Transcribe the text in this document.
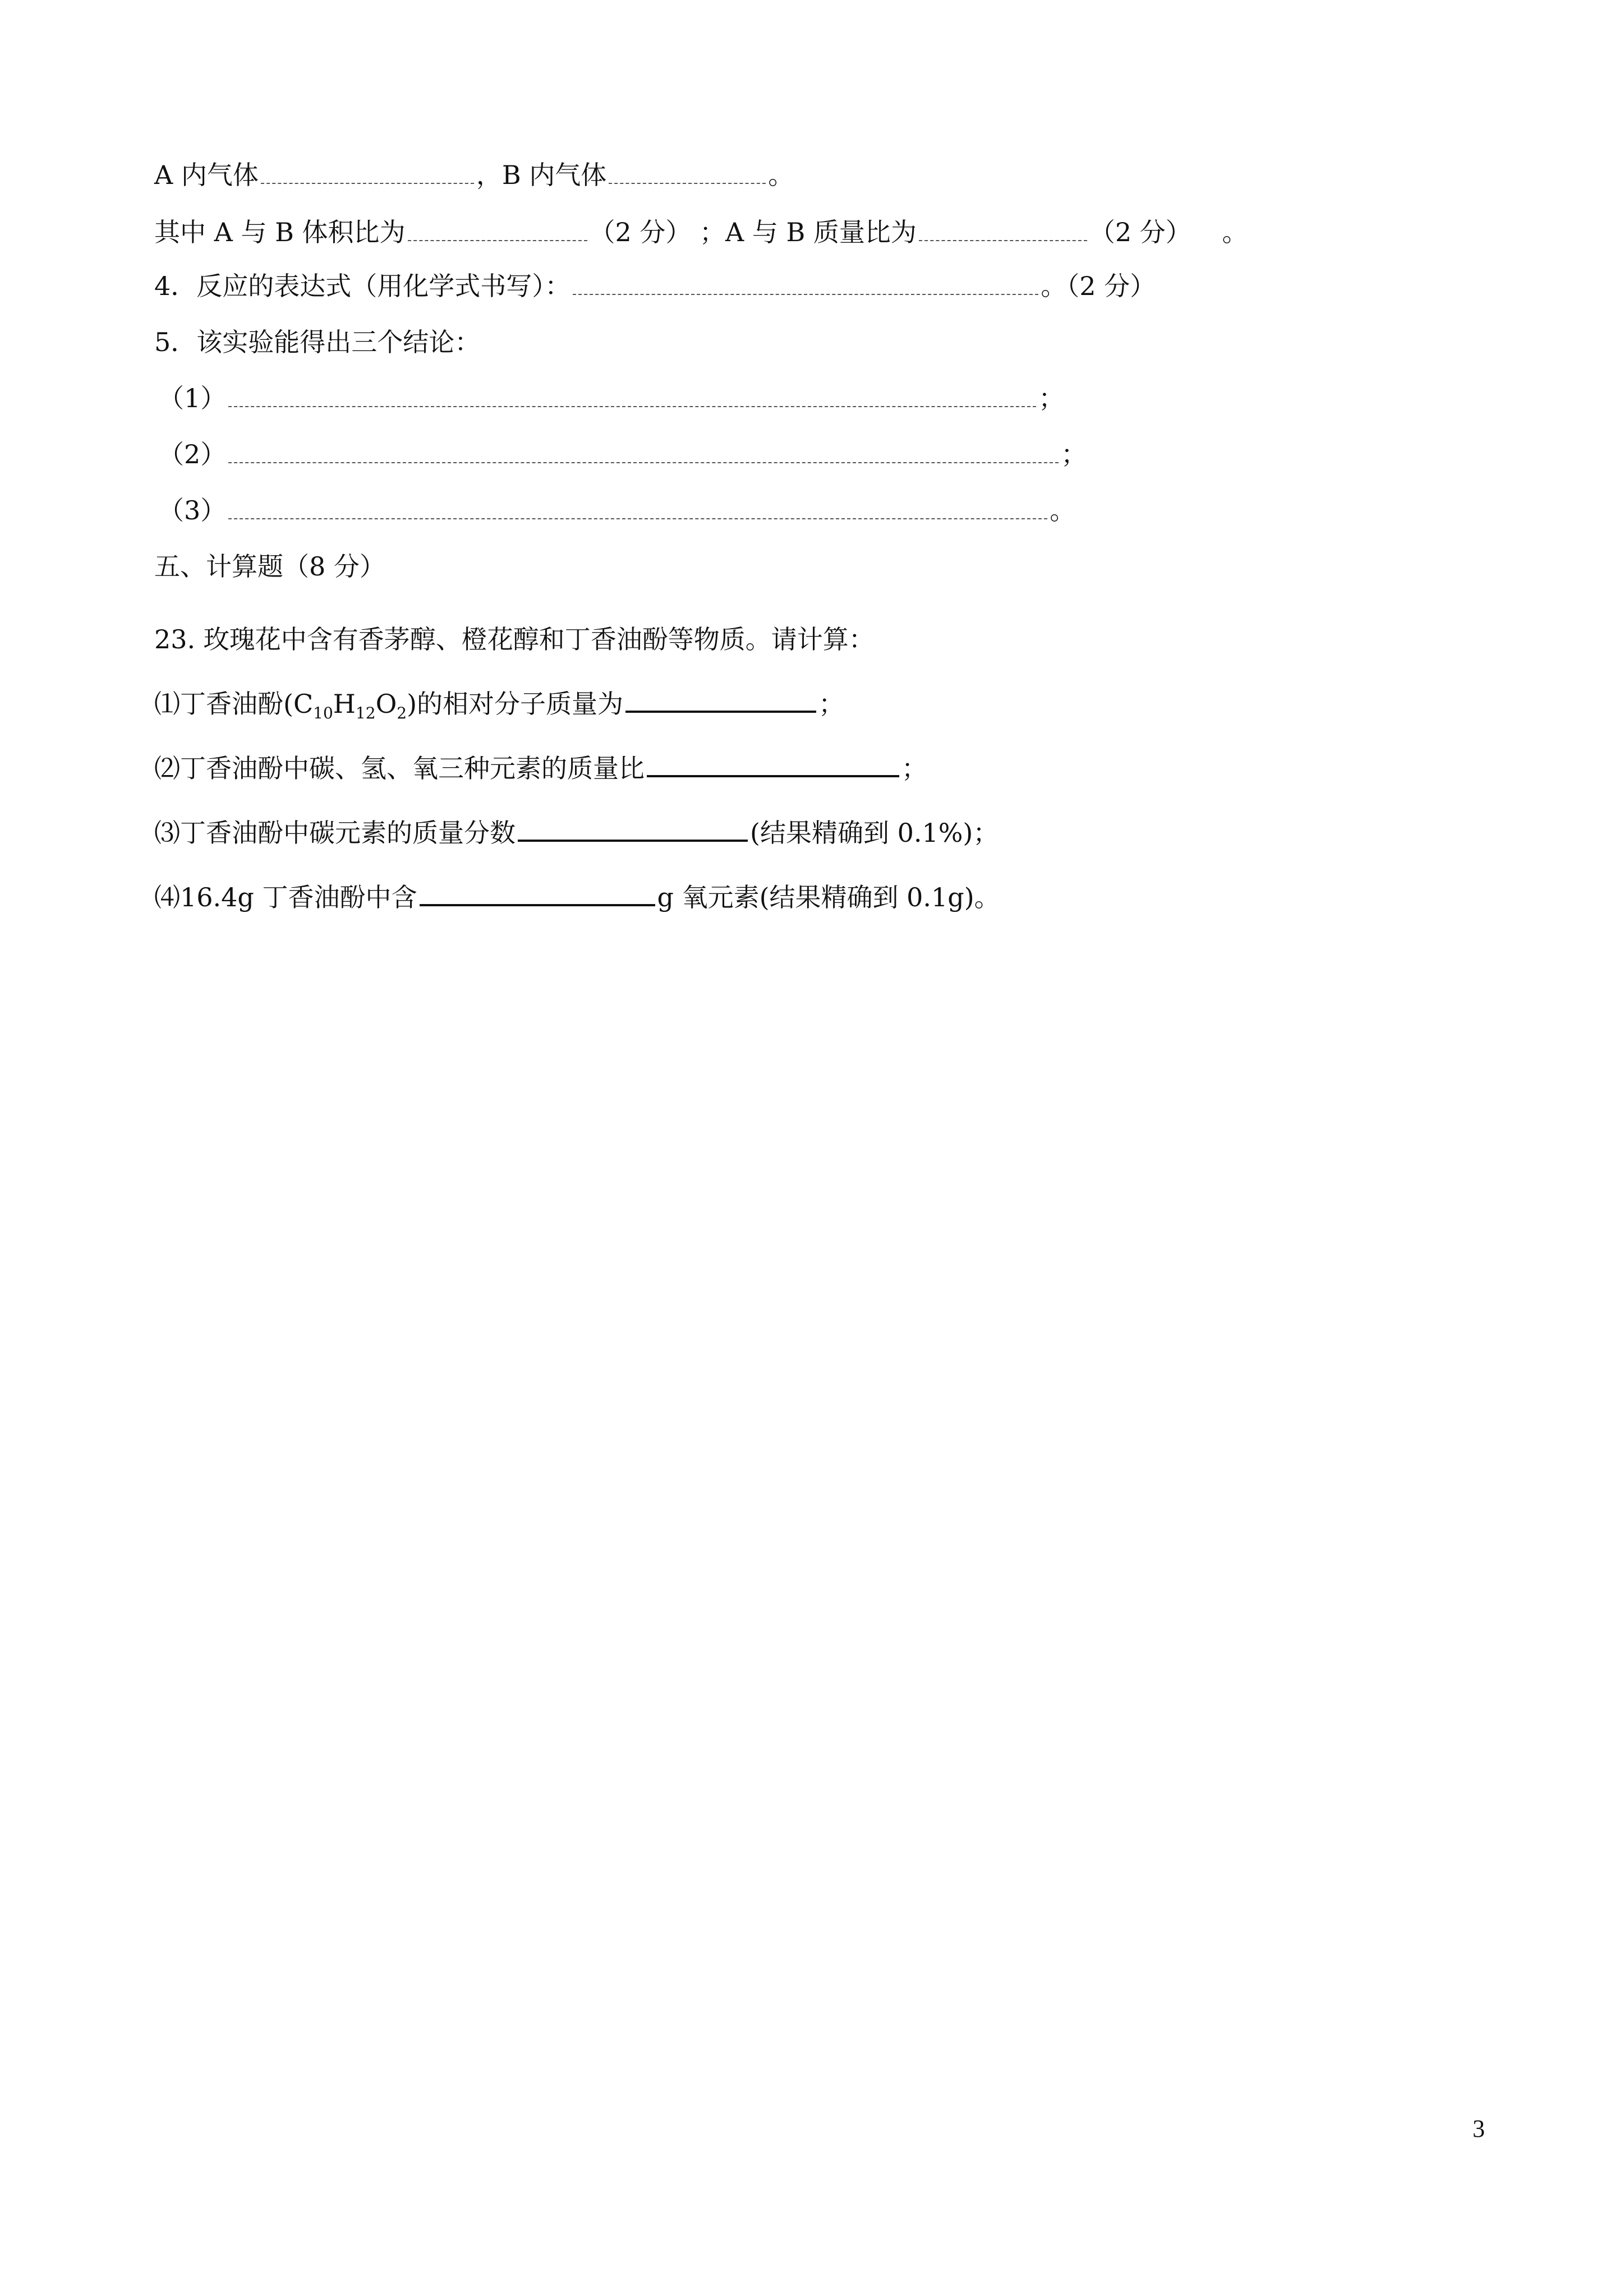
A 内气体	，B 内气体	。
其中 A 与 B 体积比为	（2 分） ；A 与 B 质量比为	（2 分） 。
4．反应的表达式（用化学式书写）：	。（2 分）
5．该实验能得出三个结论：
（1）	；
（2）	；
（3）	。
五、计算题（8 分）
23. 玫瑰花中含有香茅醇、橙花醇和丁香油酚等物质。请计算：
⑴丁香油酚$(C_{10}H_{12}O_2)$的相对分子质量为	；
⑵丁香油酚中碳、氢、氧三种元素的质量比	；
⑶丁香油酚中碳元素的质量分数	(结果精确到 0.1%)；
⑷16.4g 丁香油酚中含	g 氧元素(结果精确到 0.1g)。
3
